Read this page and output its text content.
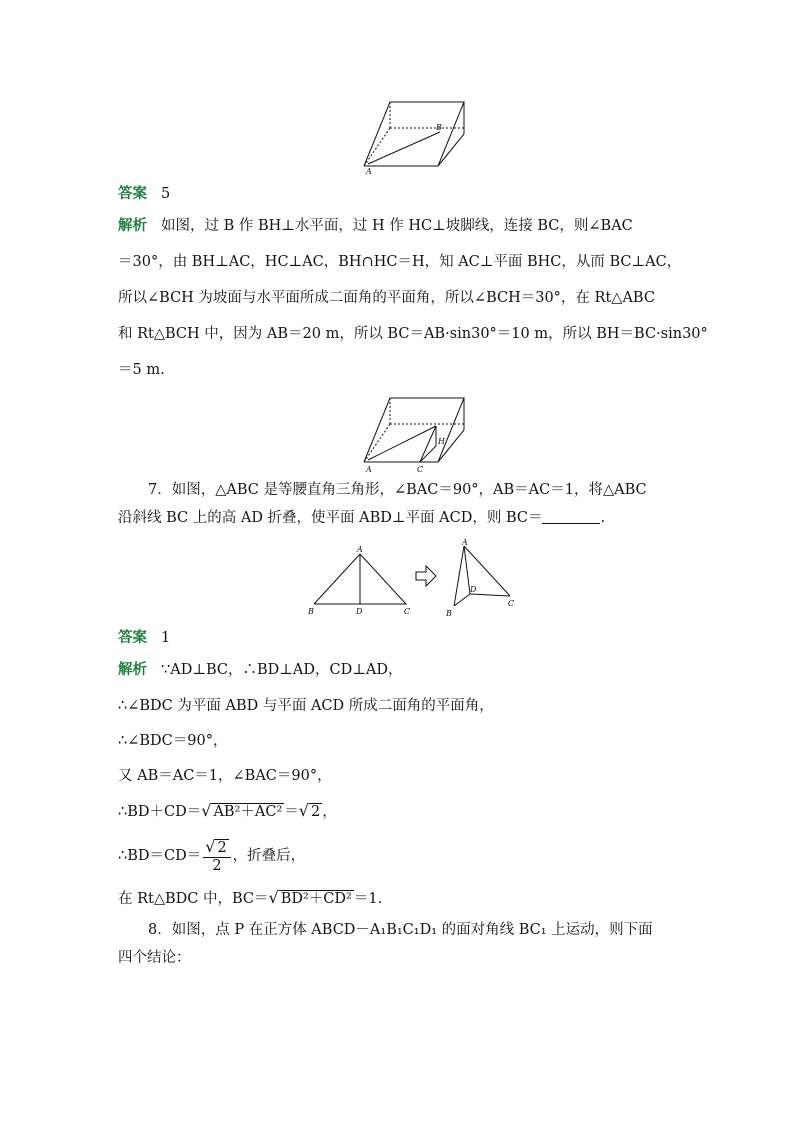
A
B
答案 5
解析 如图，过 B 作 BH⊥水平面，过 H 作 HC⊥坡脚线，连接 BC，则∠BAC
＝30°，由 BH⊥AC，HC⊥AC，BH∩HC＝H，知 AC⊥平面 BHC，从而 BC⊥AC，
所以∠BCH 为坡面与水平面所成二面角的平面角，所以∠BCH＝30°，在 Rt△ABC
和 Rt△BCH 中，因为 AB＝20 m，所以 BC＝AB·sin30°＝10 m，所以 BH＝BC·sin30°
＝5 m.
A	C
H
7．如图，△ABC 是等腰直角三角形，∠BAC＝90°，AB＝AC＝1，将△ABC
沿斜线 BC 上的高 AD 折叠，使平面 ABD⊥平面 ACD，则 BC＝	.
A
B	D	C
A
B
D
C
答案 1
解析 ∵AD⊥BC，∴BD⊥AD，CD⊥AD，
∴∠BDC 为平面 ABD 与平面 ACD 所成二面角的平面角，
∴∠BDC＝90°，
又 AB＝AC＝1，∠BAC＝90°，
∴BD＋CD＝√ AB²＋AC² ＝√ 2 ，
∴BD＝CD＝ $\frac{√ 2}{2}$ ，折叠后，
在 Rt△BDC 中，BC＝√ BD²＋CD² ＝1.
8．如图，点 P 在正方体 ABCD－A₁B₁C₁D₁ 的面对角线 BC₁ 上运动，则下面
四个结论：
